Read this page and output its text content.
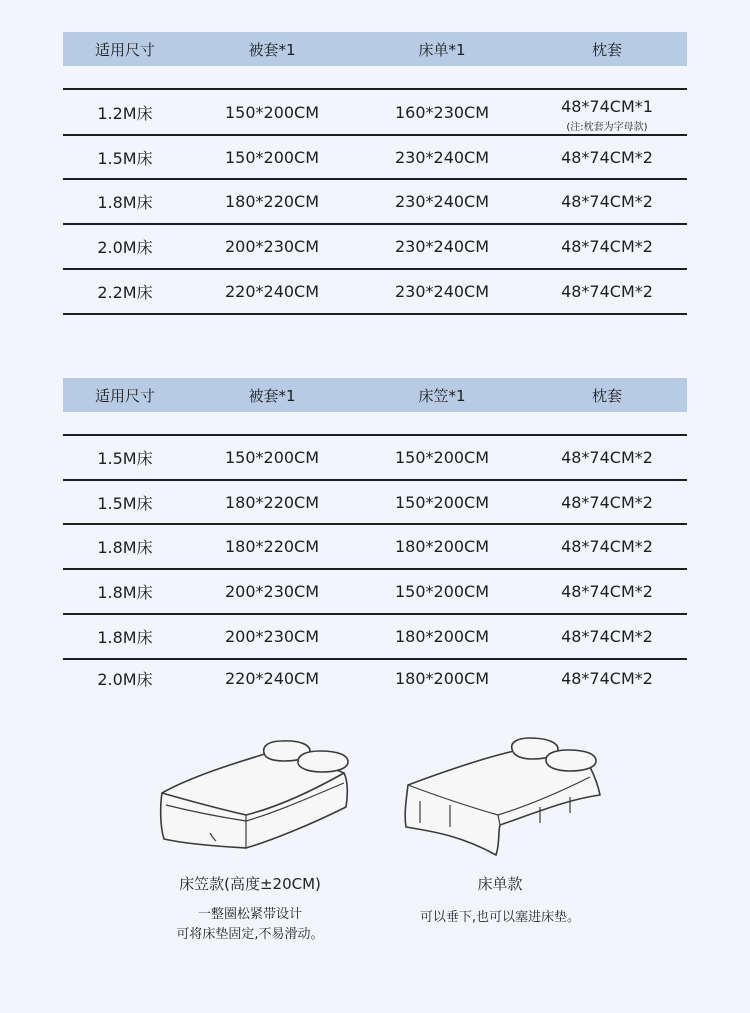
适用尺寸	被套*1	床单*1	枕套
1.2M床	150*200CM	160*230CM	48*74CM*1
(注:枕套为字母款)
1.5M床	150*200CM	230*240CM	48*74CM*2
1.8M床	180*220CM	230*240CM	48*74CM*2
2.0M床	200*230CM	230*240CM	48*74CM*2
2.2M床	220*240CM	230*240CM	48*74CM*2
适用尺寸	被套*1	床笠*1	枕套
1.5M床	150*200CM	150*200CM	48*74CM*2
1.5M床	180*220CM	150*200CM	48*74CM*2
1.8M床	180*220CM	180*200CM	48*74CM*2
1.8M床	200*230CM	150*200CM	48*74CM*2
1.8M床	200*230CM	180*200CM	48*74CM*2
2.0M床	220*240CM	180*200CM	48*74CM*2
床笠款(高度±20CM)
一整圈松紧带设计
可将床垫固定,不易滑动。
床单款
可以垂下,也可以塞进床垫。
